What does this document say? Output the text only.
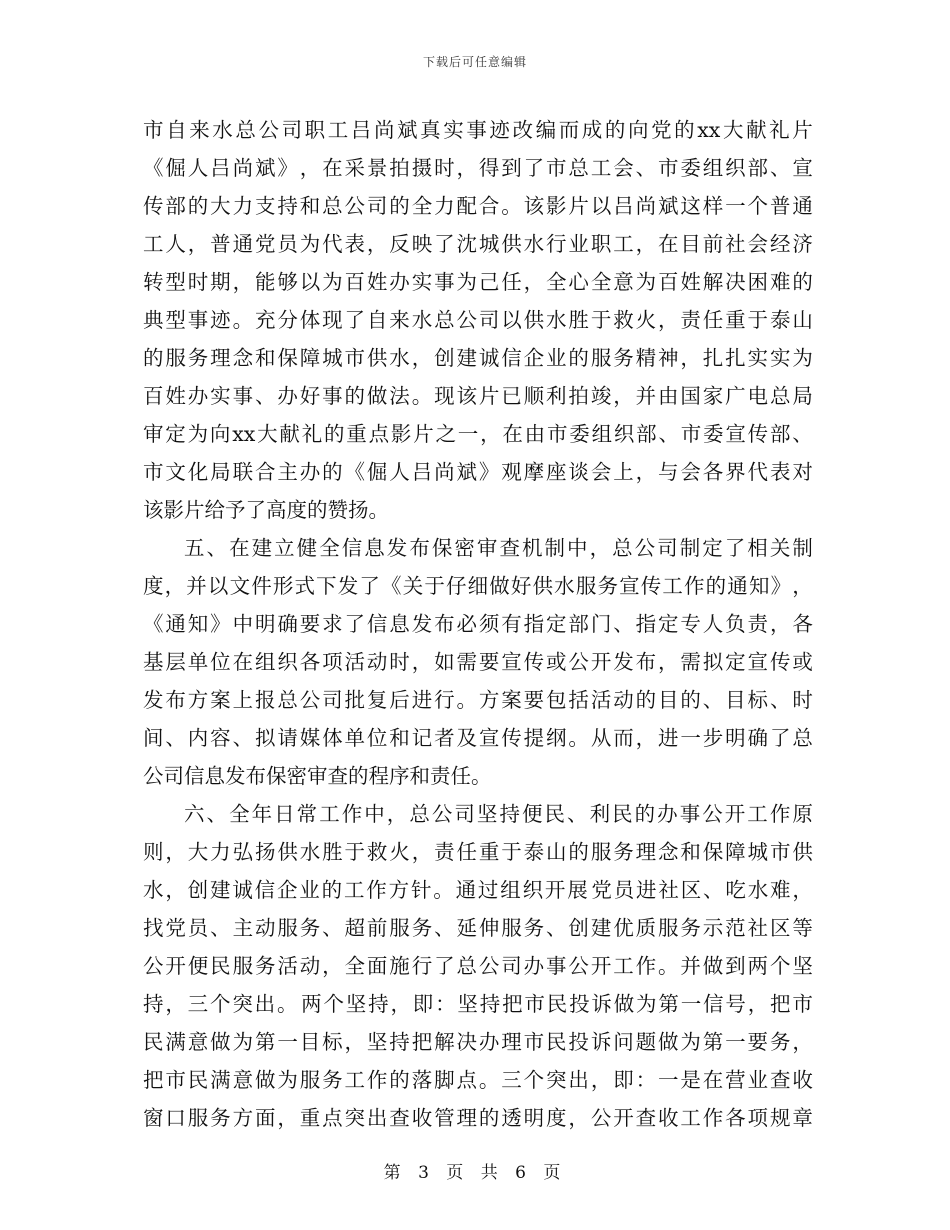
下载后可任意编辑
市 自 来 水 总 公 司 职 工 吕 尚 斌 真 实 事 迹 改 编 而 成 的 向 党 的 xx 大 献 礼 片
《 倔 人 吕 尚 斌 》 ， 在 采 景 拍 摄 时 ， 得 到 了 市 总 工 会 、 市 委 组 织 部 、 宣
传 部 的 大 力 支 持 和 总 公 司 的 全 力 配 合 。 该 影 片 以 吕 尚 斌 这 样 一 个 普 通
工 人 ， 普 通 党 员 为 代 表 ， 反 映 了 沈 城 供 水 行 业 职 工 ， 在 目 前 社 会 经 济
转 型 时 期 ， 能 够 以 为 百 姓 办 实 事 为 己 任 ， 全 心 全 意 为 百 姓 解 决 困 难 的
典 型 事 迹 。 充 分 体 现 了 自 来 水 总 公 司 以 供 水 胜 于 救 火 ， 责 任 重 于 泰 山
的 服 务 理 念 和 保 障 城 市 供 水 ， 创 建 诚 信 企 业 的 服 务 精 神 ， 扎 扎 实 实 为
百 姓 办 实 事 、 办 好 事 的 做 法 。 现 该 片 已 顺 利 拍 竣 ， 并 由 国 家 广 电 总 局
审 定 为 向 xx 大 献 礼 的 重 点 影 片 之 一 ， 在 由 市 委 组 织 部 、 市 委 宣 传 部 、
市 文 化 局 联 合 主 办 的 《 倔 人 吕 尚 斌 》 观 摩 座 谈 会 上 ， 与 会 各 界 代 表 对
该影片给予了高度的赞扬。
五 、 在 建 立 健 全 信 息 发 布 保 密 审 查 机 制 中 ， 总 公 司 制 定 了 相 关 制
度 ， 并 以 文 件 形 式 下 发 了 《 关 于 仔 细 做 好 供 水 服 务 宣 传 工 作 的 通 知 》 ，
《 通 知 》 中 明 确 要 求 了 信 息 发 布 必 须 有 指 定 部 门 、 指 定 专 人 负 责 ， 各
基 层 单 位 在 组 织 各 项 活 动 时 ， 如 需 要 宣 传 或 公 开 发 布 ， 需 拟 定 宣 传 或
发 布 方 案 上 报 总 公 司 批 复 后 进 行 。 方 案 要 包 括 活 动 的 目 的 、 目 标 、 时
间 、 内 容 、 拟 请 媒 体 单 位 和 记 者 及 宣 传 提 纲 。 从 而 ， 进 一 步 明 确 了 总
公司信息发布保密审查的程序和责任。
六 、 全 年 日 常 工 作 中 ， 总 公 司 坚 持 便 民 、 利 民 的 办 事 公 开 工 作 原
则 ， 大 力 弘 扬 供 水 胜 于 救 火 ， 责 任 重 于 泰 山 的 服 务 理 念 和 保 障 城 市 供
水 ， 创 建 诚 信 企 业 的 工 作 方 针 。 通 过 组 织 开 展 党 员 进 社 区 、 吃 水 难 ，
找 党 员 、 主 动 服 务 、 超 前 服 务 、 延 伸 服 务 、 创 建 优 质 服 务 示 范 社 区 等
公 开 便 民 服 务 活 动 ， 全 面 施 行 了 总 公 司 办 事 公 开 工 作 。 并 做 到 两 个 坚
持 ， 三 个 突 出 。 两 个 坚 持 ， 即 ： 坚 持 把 市 民 投 诉 做 为 第 一 信 号 ， 把 市
民 满 意 做 为 第 一 目 标 ， 坚 持 把 解 决 办 理 市 民 投 诉 问 题 做 为 第 一 要 务 ，
把 市 民 满 意 做 为 服 务 工 作 的 落 脚 点 。 三 个 突 出 ， 即 ： 一 是 在 营 业 查 收
窗 口 服 务 方 面 ， 重 点 突 出 查 收 管 理 的 透 明 度 ， 公 开 查 收 工 作 各 项 规 章
第 3 页 共 6 页
